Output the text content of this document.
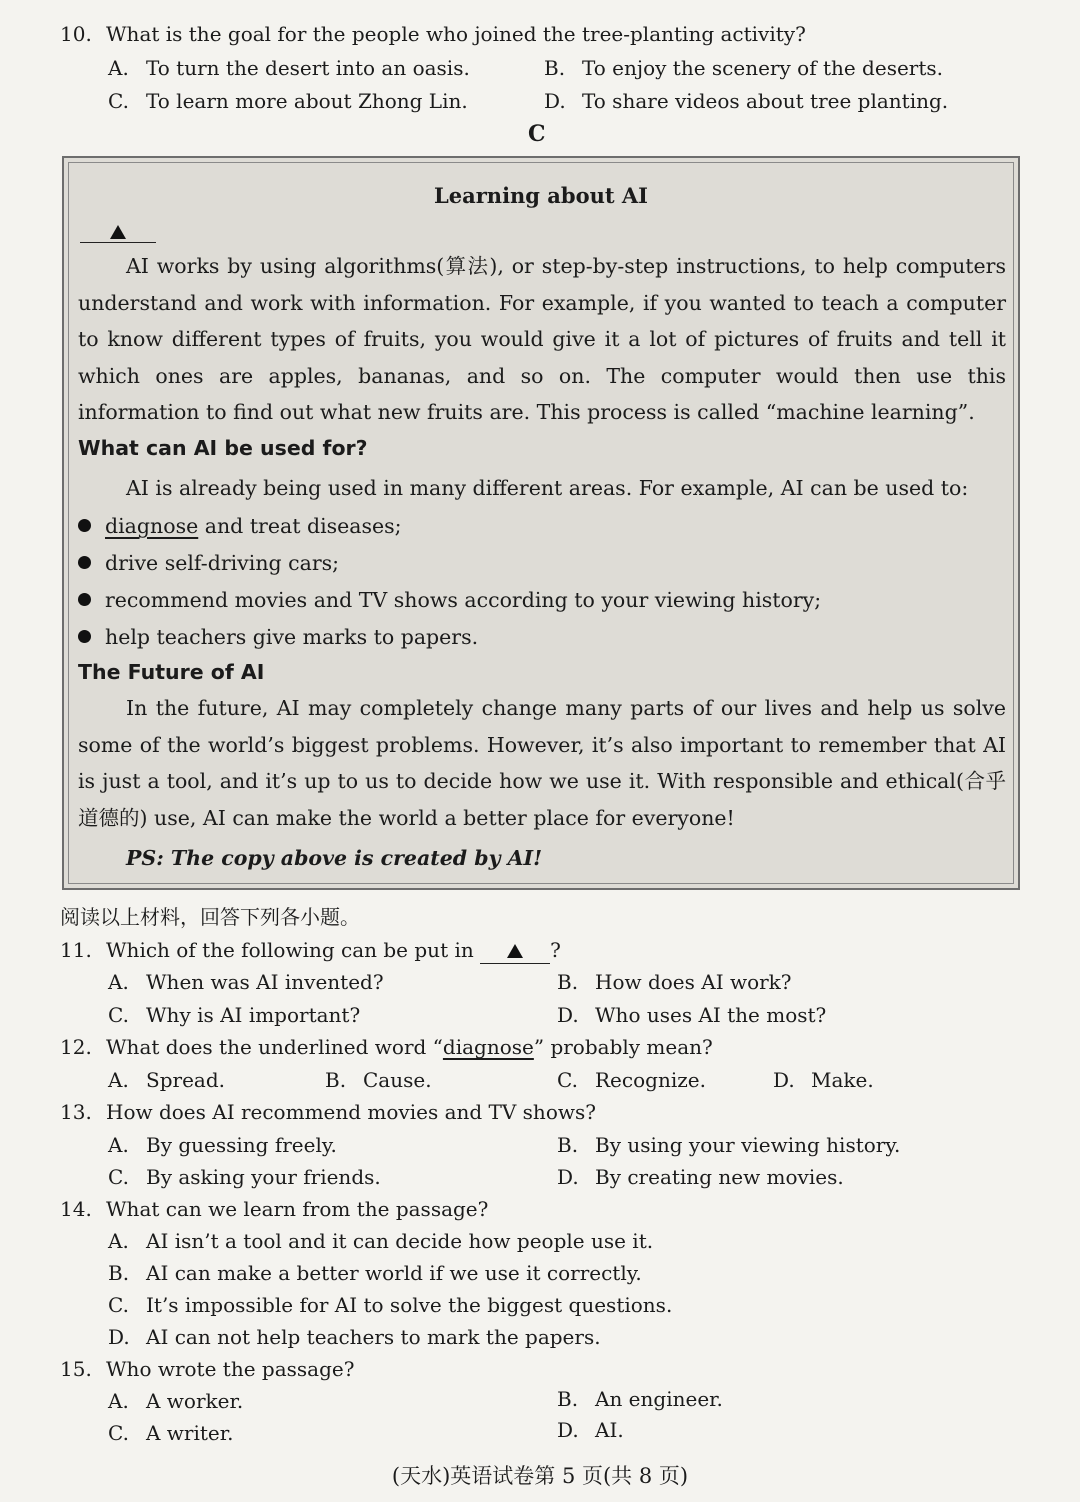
10. What is the goal for the people who joined the tree-planting activity?
A. To turn the desert into an oasis.	B. To enjoy the scenery of the deserts.
C. To learn more about Zhong Lin.	D. To share videos about tree planting.
C
Learning about AI
AI works by using algorithms(算法), or step-by-step instructions, to help computers understand and work with information. For example, if you wanted to teach a computer to know different types of fruits, you would give it a lot of pictures of fruits and tell it which ones are apples, bananas, and so on. The computer would then use this information to find out what new fruits are. This process is called “machine learning”.
What can AI be used for?
AI is already being used in many different areas. For example, AI can be used to:
diagnose and treat diseases;
drive self-driving cars;
recommend movies and TV shows according to your viewing history;
help teachers give marks to papers.
The Future of AI
In the future, AI may completely change many parts of our lives and help us solve some of the world’s biggest problems. However, it’s also important to remember that AI is just a tool, and it’s up to us to decide how we use it. With responsible and ethical(合乎道德的) use, AI can make the world a better place for everyone!
PS: The copy above is created by AI!
阅读以上材料，回答下列各小题。
11. Which of the following can be put in	?
A. When was AI invented?	B. How does AI work?
C. Why is AI important?	D. Who uses AI the most?
12. What does the underlined word “diagnose” probably mean?
A. Spread.	B. Cause.	C. Recognize.	D. Make.
13. How does AI recommend movies and TV shows?
A. By guessing freely.	B. By using your viewing history.
C. By asking your friends.	D. By creating new movies.
14. What can we learn from the passage?
A. AI isn’t a tool and it can decide how people use it.
B. AI can make a better world if we use it correctly.
C. It’s impossible for AI to solve the biggest questions.
D. AI can not help teachers to mark the papers.
15. Who wrote the passage?
A. A worker.	B. An engineer.
C. A writer.	D. AI.
(天水)英语试卷第 5 页(共 8 页)
